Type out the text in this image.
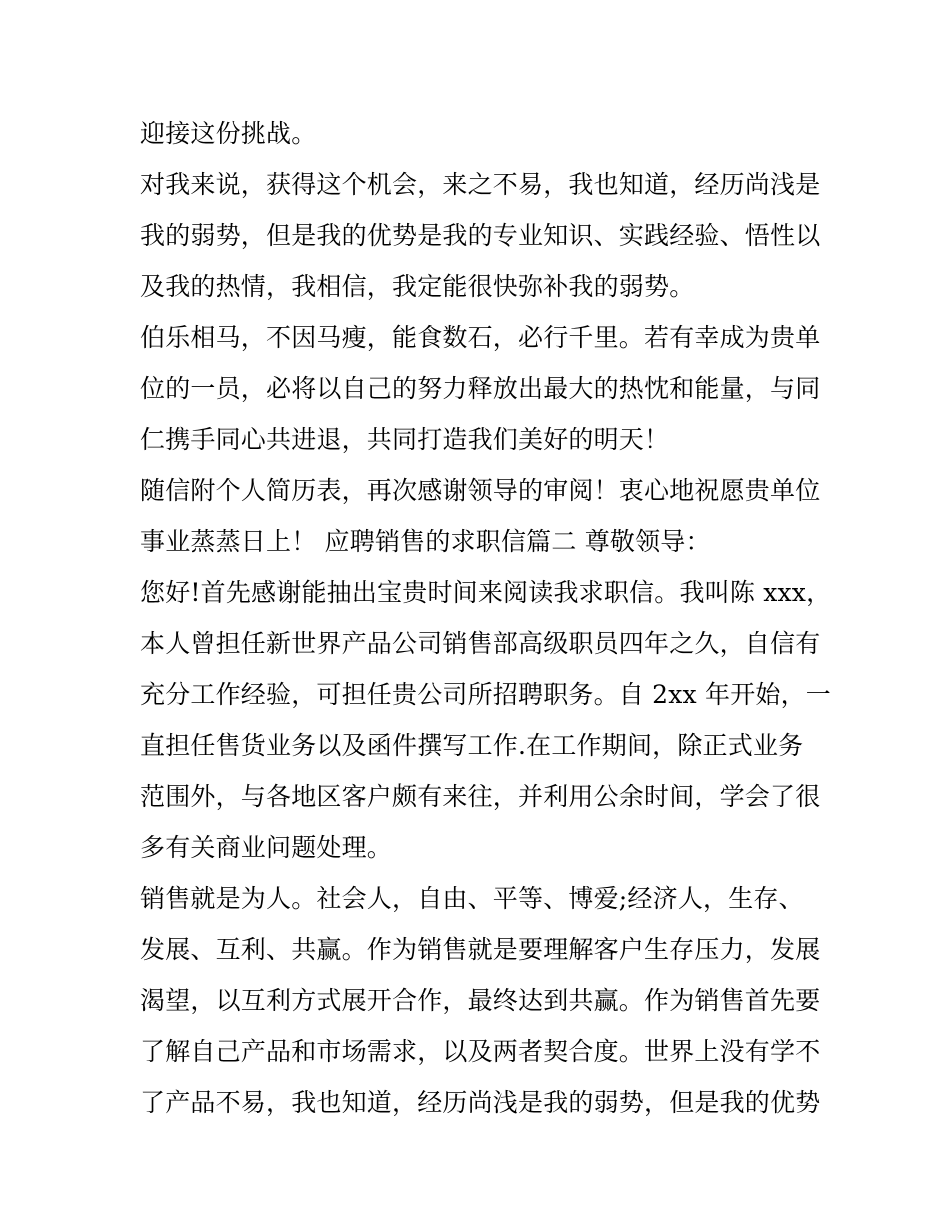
迎接这份挑战。
对我来说，获得这个机会，来之不易，我也知道，经历尚浅是
我的弱势，但是我的优势是我的专业知识、实践经验、悟性以
及我的热情，我相信，我定能很快弥补我的弱势。
伯乐相马，不因马瘦，能食数石，必行千里。若有幸成为贵单
位的一员，必将以自己的努力释放出最大的热忱和能量，与同
仁携手同心共进退，共同打造我们美好的明天！
随信附个人简历表，再次感谢领导的审阅！衷心地祝愿贵单位
事业蒸蒸日上！ 应聘销售的求职信篇二 尊敬领导：
您好!首先感谢能抽出宝贵时间来阅读我求职信。我叫陈 xxx，
本人曾担任新世界产品公司销售部高级职员四年之久，自信有
充分工作经验，可担任贵公司所招聘职务。自 2xx 年开始，一
直担任售货业务以及函件撰写工作.在工作期间，除正式业务
范围外，与各地区客户颇有来往，并利用公余时间，学会了很
多有关商业问题处理。
销售就是为人。社会人，自由、平等、博爱;经济人，生存、
发展、互利、共赢。作为销售就是要理解客户生存压力，发展
渴望，以互利方式展开合作，最终达到共赢。作为销售首先要
了解自己产品和市场需求，以及两者契合度。世界上没有学不
了产品不易，我也知道，经历尚浅是我的弱势，但是我的优势
